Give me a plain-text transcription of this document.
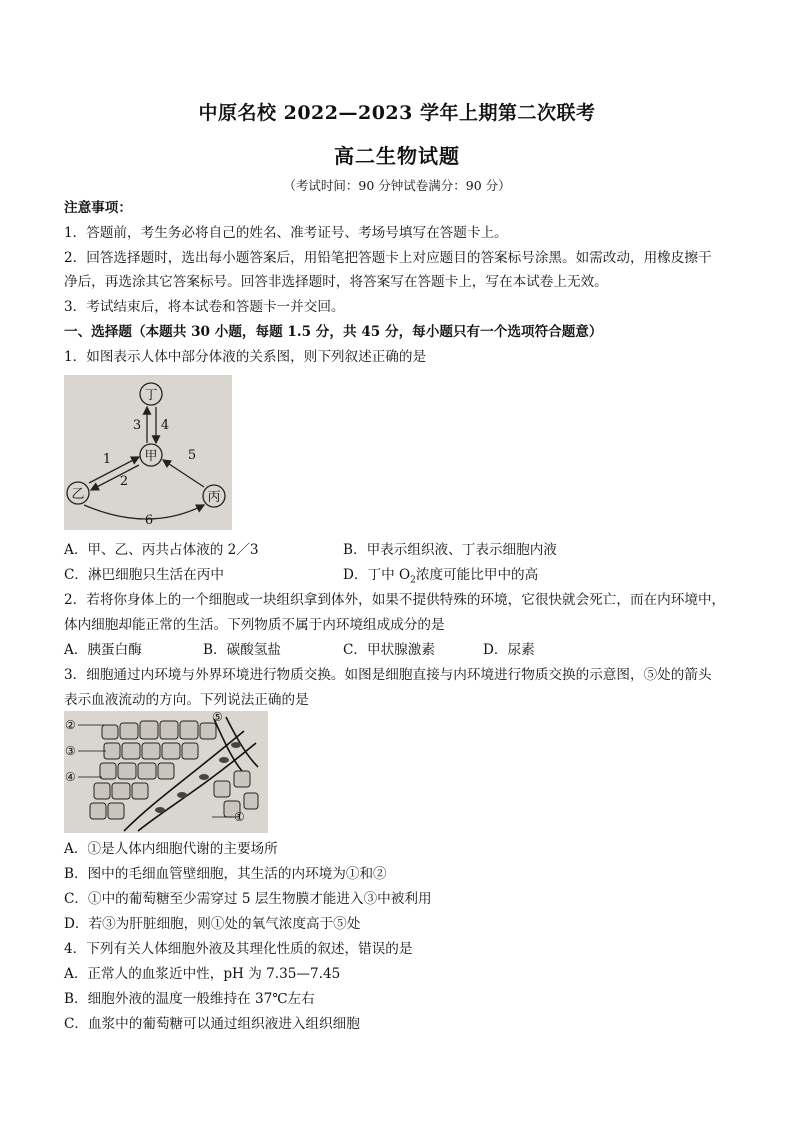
中原名校 2022—2023 学年上期第二次联考
高二生物试题
（考试时间：90 分钟试卷满分：90 分）
注意事项：
1．答题前，考生务必将自己的姓名、准考证号、考场号填写在答题卡上。
2．回答选择题时，选出每小题答案后，用铅笔把答题卡上对应题目的答案标号涂黑。如需改动，用橡皮擦干
净后，再选涂其它答案标号。回答非选择题时，将答案写在答题卡上，写在本试卷上无效。
3．考试结束后，将本试卷和答题卡一并交回。
一、选择题（本题共 30 小题，每题 1.5 分，共 45 分，每小题只有一个选项符合题意）
1．如图表示人体中部分体液的关系图，则下列叙述正确的是
丁
甲
乙	丙
3 4
1
2
5
6
A．甲、乙、丙共占体液的 2／3	B．甲表示组织液、丁表示细胞内液
C．淋巴细胞只生活在丙中	D．丁中 $O_2$浓度可能比甲中的高
2．若将你身体上的一个细胞或一块组织拿到体外，如果不提供特殊的环境，它很快就会死亡，而在内环境中，
体内细胞却能正常的生活。下列物质不属于内环境组成成分的是
A．胰蛋白酶	B．碳酸氢盐	C．甲状腺激素	D．尿素
3．细胞通过内环境与外界环境进行物质交换。如图是细胞直接与内环境进行物质交换的示意图，⑤处的箭头
表示血液流动的方向。下列说法正确的是
②
③
④
⑤
①
A．①是人体内细胞代谢的主要场所
B．图中的毛细血管壁细胞，其生活的内环境为①和②
C．①中的葡萄糖至少需穿过 5 层生物膜才能进入③中被利用
D．若③为肝脏细胞，则①处的氧气浓度高于⑤处
4．下列有关人体细胞外液及其理化性质的叙述，错误的是
A．正常人的血浆近中性，pH 为 7.35—7.45
B．细胞外液的温度一般维持在 37℃左右
C．血浆中的葡萄糖可以通过组织液进入组织细胞
